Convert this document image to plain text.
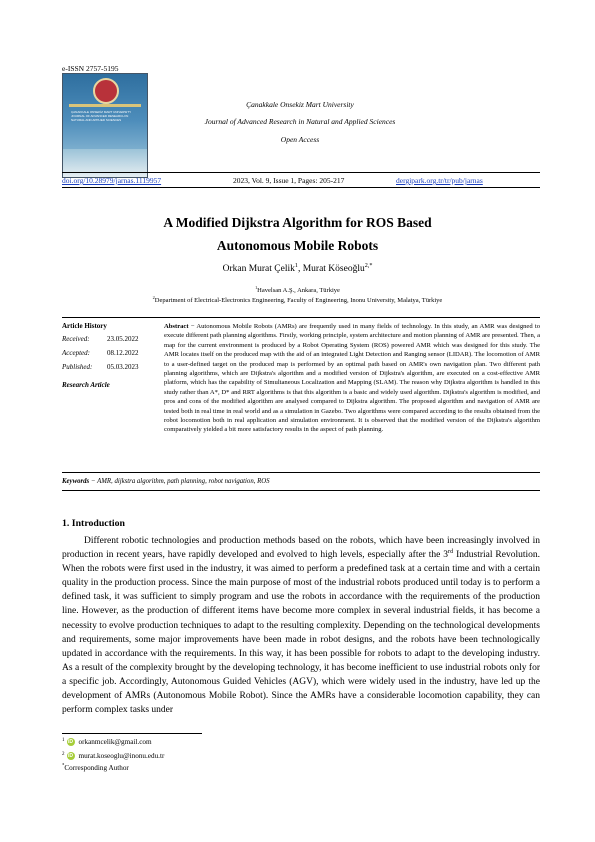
e-ISSN 2757-5195
ÇANAKKALE ONSEKİZ MART UNIVERSITY JOURNAL OF ADVANCED RESEARCH IN NATURAL AND APPLIED SCIENCES
Çanakkale Onsekiz Mart University
Journal of Advanced Research in Natural and Applied Sciences
Open Access
doi.org/10.28979/jarnas.1119957	2023, Vol. 9, Issue 1, Pages: 205-217	dergipark.org.tr/tr/pub/jarnas
A Modified Dijkstra Algorithm for ROS Based
Autonomous Mobile Robots
Orkan Murat Çelik$^1$, Murat Köseoğlu$^{2,*}$
$^1$Havelsan A.Ş., Ankara, Türkiye
$^2$Department of Electrical-Electronics Engineering, Faculty of Engineering, Inonu University, Malatya, Türkiye
Article History
Received: 23.05.2022
Accepted: 08.12.2022
Published: 05.03.2023
Research Article
Abstract − Autonomous Mobile Robots (AMRs) are frequently used in many fields of technology. In this study, an AMR was designed to execute different path planning algorithms. Firstly, working principle, system architecture and motion planning of AMR are presented. Then, a map for the current environment is produced by a Robot Operating System (ROS) powered AMR which was designed for this study. The AMR locates itself on the produced map with the aid of an integrated Light Detection and Ranging sensor (LIDAR). The locomotion of AMR to a user-defined target on the produced map is performed by an optimal path based on AMR's own navigation plan. Two different path planning algorithms, which are Dijkstra's algorithm and a modified version of Dijkstra's algorithm, are executed on a cost-effective AMR platform, which has the capability of Simultaneous Localization and Mapping (SLAM). The reason why Dijkstra algorithm is handled in this study rather than A*, D* and RRT algorithms is that this algorithm is a basic and widely used algorithm. Dijkstra's algorithm is modified, and pros and cons of the modified algorithm are analysed compared to Dijkstra algorithm. The proposed algorithm and navigation of AMR are tested both in real time in real world and as a simulation in Gazebo. Two algorithms were compared according to the results obtained from the robot locomotion both in real application and simulation environment. It is observed that the modified version of the Dijkstra's algorithm comparatively yielded a bit more satisfactory results in the aspect of path planning.
Keywords − AMR, dijkstra algorithm, path planning, robot navigation, ROS
1. Introduction
Different robotic technologies and production methods based on the robots, which have been increasingly involved in production in recent years, have rapidly developed and evolved to high levels, especially after the 3rd Industrial Revolution. When the robots were first used in the industry, it was aimed to perform a predefined task at a certain time and with a certain quality in the production process. Since the main purpose of most of the industrial robots produced until today is to perform a defined task, it was sufficient to simply program and use the robots in accordance with the requirements of the production line. However, as the production of different items have become more complex in several industrial fields, it has become a necessity to evolve production techniques to adapt to the resulting complexity. Depending on the technological developments and requirements, some major improvements have been made in robot designs, and the robots have been technologically updated in accordance with the requirements. In this way, it has been possible for robots to adapt to the developing industry. As a result of the complexity brought by the developing technology, it has become inefficient to use industrial robots only for a specific job. Accordingly, Autonomous Guided Vehicles (AGV), which were widely used in the industry, have led up the development of AMRs (Autonomous Mobile Robot). Since the AMRs have a considerable locomotion capability, they can perform complex tasks under
1 iD orkanmcelik@gmail.com
2 iD murat.koseoglu@inonu.edu.tr
*Corresponding Author
